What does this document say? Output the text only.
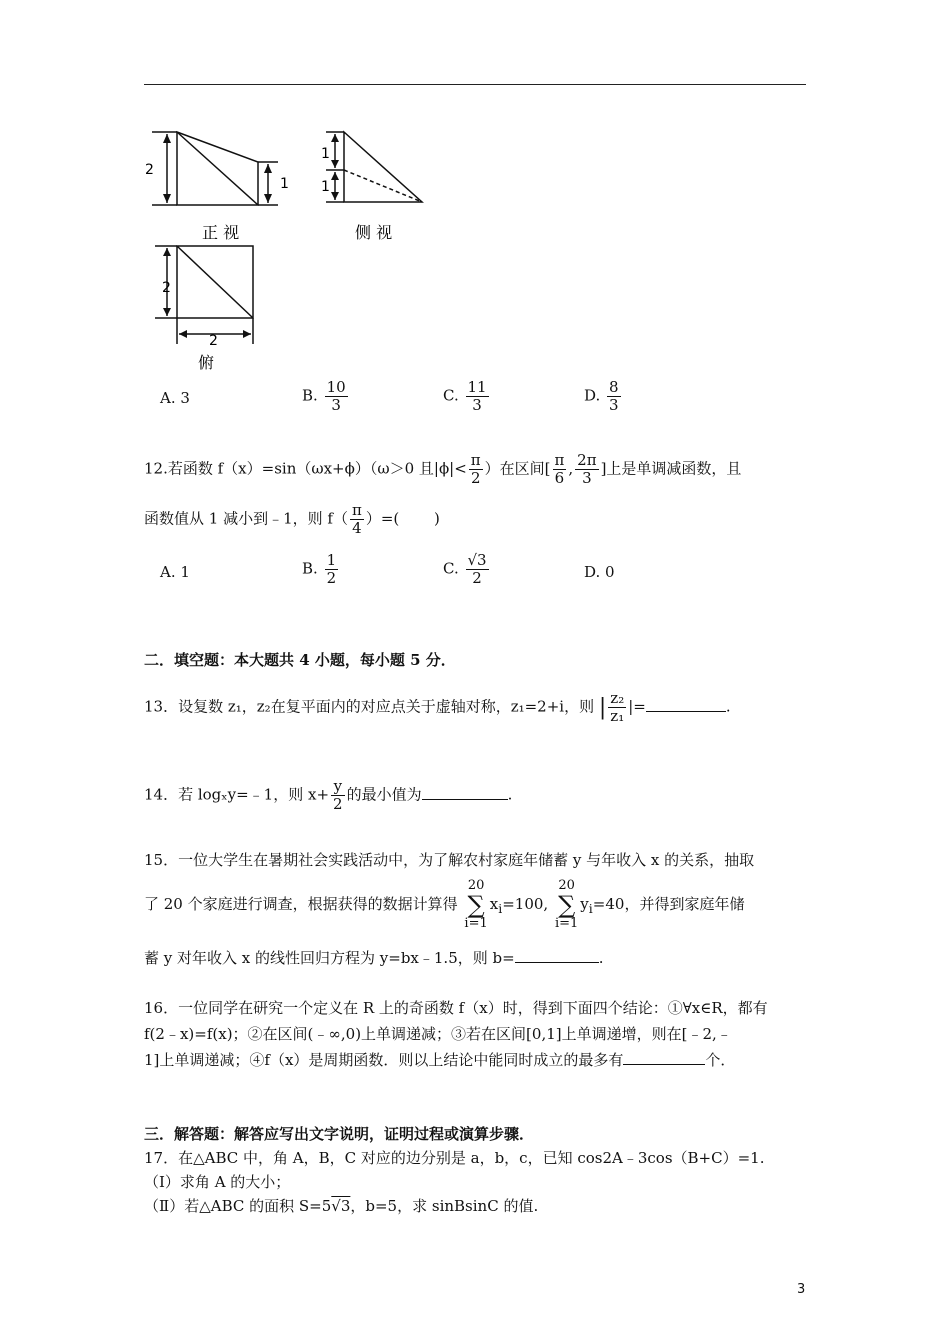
2
1
正 视
1
1
侧 视
2
2
俯
A. 3	B. $\frac{10}{3}$	C. $\frac{11}{3}$	D. $\frac{8}{3}$
12.若函数 f（x）=sin（ωx+ϕ）（ω＞0 且$|\phi|< \frac{\pi}{2}$ ）在区间[ $\frac{\pi}{6}$ , $\frac{2\pi}{3}$ ]上是单调减函数，且
函数值从 1 减小到﹣1，则 $f( \frac{\pi}{4}$ ）=(　　 )
A. 1	B. $\frac{1}{2}$	C. $\frac{√3}{2}$	D. 0
二．填空题：本大题共 4 小题，每小题 5 分．
13．设复数 z₁，z₂在复平面内的对应点关于虚轴对称，z₁=2+i，则 | $\frac{\text{z₂}}{\text{z₁}}$ |=	.
14．若 logₓy=﹣1，则 $x+ \frac{y}{2}$ 的最小值为	.
15．一位大学生在暑期社会实践活动中，为了解农村家庭年储蓄 y 与年收入 x 的关系，抽取
了 20 个家庭进行调查，根据获得的数据计算得 20
∑
$i=1x_i=100$, 20
∑
$i=1y_i=40$，并得到家庭年储
蓄 y 对年收入 x 的线性回归方程为 y=bx﹣1.5，则 b=	.
16．一位同学在研究一个定义在 R 上的奇函数 f（x）时，得到下面四个结论：①∀x∈R，都有
f(2﹣x)=f(x)；②在区间(﹣∞,0)上单调递减；③若在区间[0,1]上单调递增，则在[﹣2,﹣
1]上单调递减；④f（x）是周期函数．则以上结论中能同时成立的最多有	个．
三．解答题：解答应写出文字说明，证明过程或演算步骤．
17．在△ABC 中，角 A，B，C 对应的边分别是 a，b，c，已知 cos2A﹣3cos（B+C）=1.
（Ⅰ）求角 A 的大小；
（Ⅱ）若△ABC 的面积 S=5√3，b=5，求 sinBsinC 的值.
3
